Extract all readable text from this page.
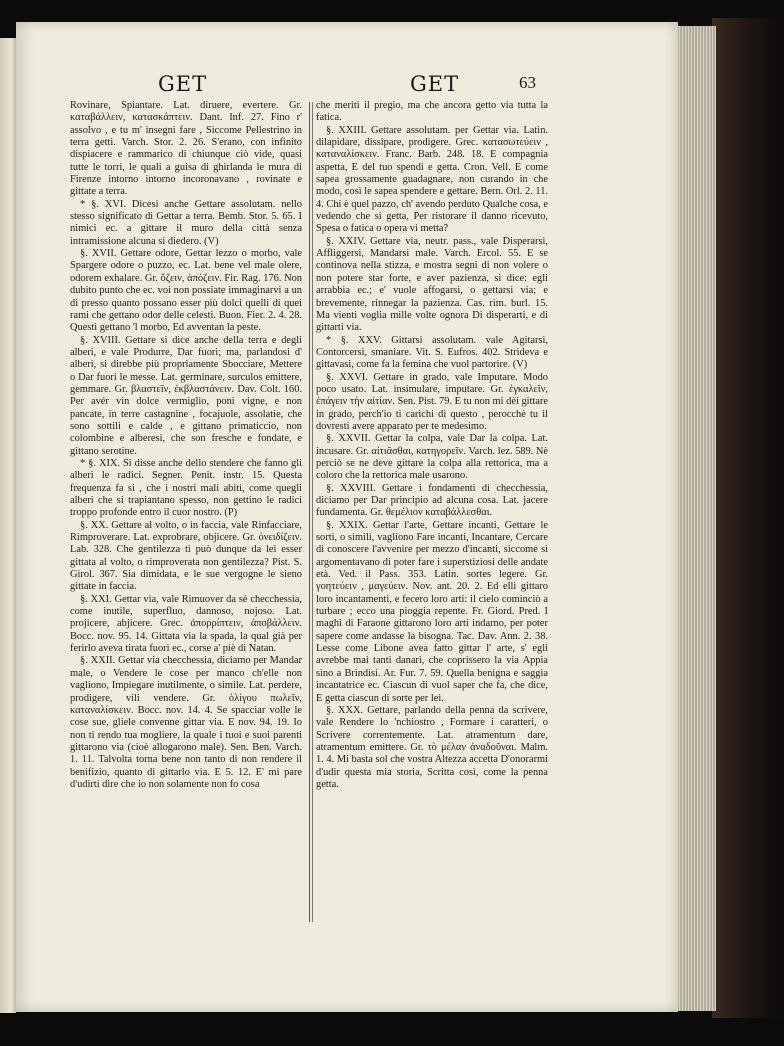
GET	GET	63

Rovinare, Spiantare. Lat. diruere, evertere. Gr. καταβάλλειν, κατασκάπτειν. Dant. Inf. 27. Fino r' assolvo , e tu m' insegni fare , Siccome Pellestrino in terra getti. Varch. Stor. 2. 26. S'erano, con infinito dispiacere e rammarico di chiunque ciò vide, quasi tutte le torri, le quali a guisa di ghirlanda le mura di Firenze intorno intorno incoronavano , rovinate e gittate a terra.

* §. XVI. Dicesi anche Gettare assolutam. nello stesso significato di Gettar a terra. Bemb. Stor. 5. 65. I nimici ec. a gittare il muro della città senza intramissione alcuna si diedero. (V)

§. XVII. Gettare odore, Gettar lezzo o morbo, vale Spargere odore o puzzo, ec. Lat. bene vel male olere, odorem exhalare. Gr. ὄζειν, ἀπόζειν. Fir. Rag. 176. Non dubito punto che ec. voi non possiate immaginarvi a un di presso quanto possano esser più dolci quelli di quei rami che gettano odor delle celesti. Buon. Fier. 2. 4. 28. Questi gettano 'l morbo, Ed avventan la peste.

§. XVIII. Gettare si dice anche della terra e degli alberi, e vale Produrre, Dar fuori; ma, parlandosi d' alberi, si direbbe più propriamente Sbocciare, Mettere o Dar fuori le messe. Lat. germinare, surculos emittere, gemmare. Gr. βλαστεῖν, ἐκβλαστάνειν. Dav. Colt. 160. Per avér vin dolce vermiglio, poni vigne, e non pancate, in terre castagnine , focajuole, assolatie, che sono sottili e calde , e gittano primaticcio, non colombine e alberesi, che son fresche e fondate, e gittano serotine.

* §. XIX. Si disse anche dello stendere che fanno gli alberi le radici. Segner. Penit. instr. 15. Questa frequenza fa si , che i nostri mali abiti, come quegli alberi che si trapiantano spesso, non gettino le radici troppo profonde entro il cuor nostro. (P)

§. XX. Gettare al volto, o in faccia, vale Rinfacciare, Rimproverare. Lat. exprobrare, objicere. Gr. ὀνειδίζειν. Lab. 328. Che gentilezza ti può dunque da lei esser gittata al volto, o rimproverata non gentilezza? Pist. S. Girol. 367. Sia dimidata, e le sue vergogne le sieno gittate in faccia.

§. XXI. Gettar via, vale Rimuover da sè checchessia, come inutile, superfluo, dannoso, nojoso. Lat. projicere, abjicere. Grec. ἀπορρίπτειν, ἀποβάλλειν. Bocc. nov. 95. 14. Gittata via la spada, la qual già per ferirlo aveva tirata fuori ec., corse a' piè di Natan.

§. XXII. Gettar via checchessia, diciamo per Mandar male, o Vendere le cose per manco ch'elle non vagliono, Impiegare inutilmente, o simile. Lat. perdere, prodigere, vili vendere. Gr. ὀλίγου πωλεῖν, καταναλίσκειν. Bocc. nov. 14. 4. Se spacciar volle le cose sue, gliele convenne gittar via. E nov. 94. 19. Io non ti rendo tua mogliere, la quale i tuoi e suoi parenti gittarono via (cioè allogarono male). Sen. Ben. Varch. 1. 11. Talvolta torna bene non tanto di non rendere il benifizio, quanto di gittarlo via. E 5. 12. E' mi pare d'udirti dire che io non solamente non fo cosa

che meriti il pregio, ma che ancora getto via tutta la fatica.

§. XXIII. Gettare assolutam. per Gettar via. Latin. dilapidare, dissipare, prodigere. Grec. κατασωτεύειν , καταναλίσκειν. Franc. Barb. 248. 18. E compagnia aspetta, E del tuo spendi e getta. Cron. Vell. E come sapea grossamente guadagnare, non curando in che modo, così le sapea spendere e gettare. Bern. Orl. 2. 11. 4. Chi è quel pazzo, ch' avendo perduto Qualche cosa, e vedendo che si getta, Per ristorare il danno ricevuto, Spesa o fatica o opera vi metta?

§. XXIV. Gettare via, neutr. pass., vale Disperarsi, Affliggersi, Mandarsi male. Varch. Ercol. 55. E se continova nella stizza, e mostra segni di non volere o non potere star forte, e aver pazienza, si dice: egli arrabbia ec.; e' vuole affogarsi, o gettarsi via; e brevemente, rinnegar la pazienza. Cas. rim. burl. 15. Ma vienti voglia mille volte ognora Di disperarti, e di gittarti via.

* §. XXV. Gittarsi assolutam. vale Agitarsi, Contorcersi, smaniare. Vit. S. Eufros. 402. Strideva e gittavasi, come fa la femina che vuol partorire. (V)

§. XXVI. Gettare in grado, vale Imputare. Modo poco usato. Lat. insimulare, imputare. Gr. ἐγκαλεῖν, ἐπάγειν τὴν αἰτίαν. Sen. Pist. 79. E tu non mi dèi gittare in grado, perch'io ti carichi di questo , perocchè tu il dovresti avere apparato per te medesimo.

§. XXVII. Gettar la colpa, vale Dar la colpa. Lat. incusare. Gr. αἰτιᾶσθαι, κατηγορεῖν. Varch. lez. 589. Nè perciò se ne deve gittare la colpa alla rettorica, ma a coloro che la rettorica male usarono.

§. XXVIII. Gettare i fondamenti di checchessia, diciamo per Dar principio ad alcuna cosa. Lat. jacere fundamenta. Gr. θεμέλιον καταβάλλεσθαι.

§. XXIX. Gettar l'arte, Gettare incanti, Gettare le sorti, o simili, vagliono Fare incanti, Incantare, Cercare di conoscere l'avvenire per mezzo d'incanti, siccome si argomentavano di poter fare i superstiziosi delle andate età. Ved. il Pass. 353. Latin. sortes legere. Gr. γοητεύειν , μαγεύειν. Nov. ant. 20. 2. Ed elli gittaro loro incantamenti, e fecero loro arti: il cielo cominciò a turbare ; ecco una pioggia repente. Fr. Giord. Pred. I maghi di Faraone gittarono loro arti indarno, per poter sapere come andasse la bisogna. Tac. Dav. Ann. 2. 38. Lesse come Libone avea fatto gittar l' arte, s' egli avrebbe mai tanti danari, che coprissero la via Appia sino a Brindisi. Ar. Fur. 7. 59. Quella benigna e saggia incantatrice ec. Ciascun di vuol saper che fa, che dice, E getta ciascun di sorte per lei.

§. XXX. Gettare, parlando della penna da scrivere, vale Rendere lo 'nchiostro , Formare i caratteri, o Scrivere correntemente. Lat. atramentum dare, atramentum emittere. Gr. τὸ μέλαν ἀναδοῦναι. Malm. 1. 4. Mi basta sol che vostra Altezza accetta D'onorarmi d'udir questa mia storia, Scritta così, come la penna getta.
